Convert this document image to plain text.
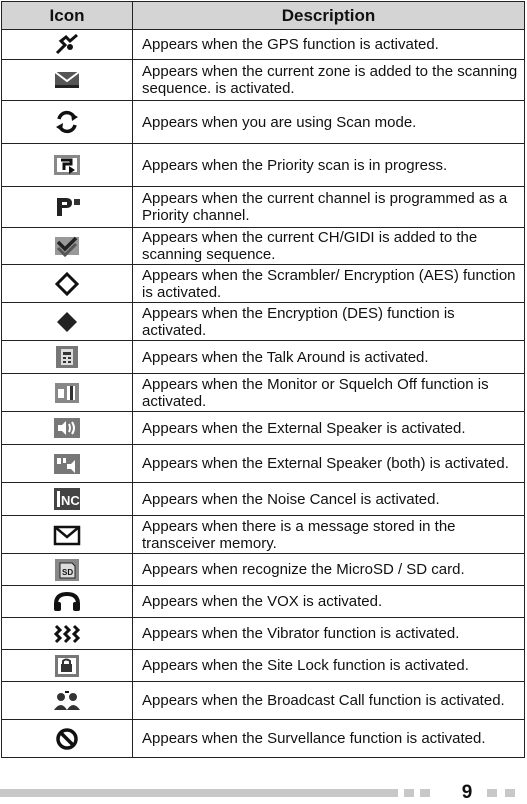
Icon	Description

	Appears when the GPS function is activated.

	Appears when the current zone is added to the scanning sequence. is activated.

	Appears when you are using Scan mode.

	Appears when the Priority scan is in progress.

	Appears when the current channel is programmed as a Priority channel.

	Appears when the current CH/GIDI is added to the scanning sequence.

	Appears when the Scrambler/ Encryption (AES) function is activated.

	Appears when the Encryption (DES) function is activated.

	Appears when the Talk Around is activated.

	Appears when the Monitor or Squelch Off function is activated.

	Appears when the External Speaker is activated.

	Appears when the External Speaker (both) is activated.

NC	Appears when the Noise Cancel is activated.

	Appears when there is a message stored in the transceiver memory.

SD	Appears when recognize the MicroSD / SD card.

	Appears when the VOX is activated.

	Appears when the Vibrator function is activated.

	Appears when the Site Lock function is activated.

	Appears when the Broadcast Call function is activated.

	Appears when the Survellance function is activated.
9
